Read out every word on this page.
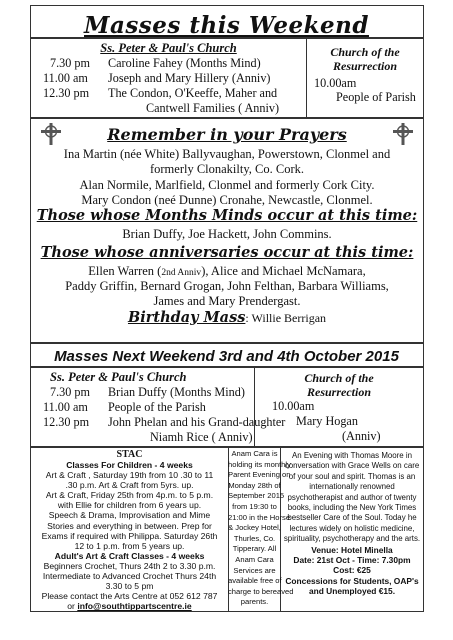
Masses this Weekend
Ss. Peter & Paul's Church
7.30 pm Caroline Fahey (Months Mind)
11.00 am Joseph and Mary Hillery (Anniv)
12.30 pm The Condon, O'Keeffe, Maher and
Cantwell Families ( Anniv)
Church of the
Resurrection
10.00am
People of Parish
Remember in your Prayers
Ina Martin (née White) Ballyvaughan, Powerstown, Clonmel and
formerly Clonakilty, Co. Cork.
Alan Normile, Marlfield, Clonmel and formerly Cork City.
Mary Condon (neé Dunne) Cronahe, Newcastle, Clonmel.
Those whose Months Minds occur at this time:
Brian Duffy, Joe Hackett, John Commins.
Those whose anniversaries occur at this time:
Ellen Warren (2nd Anniv), Alice and Michael McNamara,
Paddy Griffin, Bernard Grogan, John Felthan, Barbara Williams,
James and Mary Prendergast.
Birthday Mass: Willie Berrigan
Masses Next Weekend 3rd and 4th October 2015
Ss. Peter & Paul's Church
7.30 pm Brian Duffy (Months Mind)
11.00 am People of the Parish
12.30 pm John Phelan and his Grand-daughter
Niamh Rice ( Anniv)
Church of the
Resurrection
10.00am
Mary Hogan
(Anniv)
STAC
Classes For Children - 4 weeks
Art & Craft , Saturday 19th from 10 .30 to 11
.30 p.m. Art & Craft from 5yrs. up.
Art & Craft, Friday 25th from 4p.m. to 5 p.m.
with Ellie for children from 6 years up.
Speech & Drama, Improvisation and Mime
Stories and everything in between. Prep for
Exams if required with Philippa. Saturday 26th
12 to 1 p.m. from 5 years up.
Adult's Art & Craft Classes - 4 weeks
Beginners Crochet, Thurs 24th 2 to 3.30 p.m.
Intermediate to Advanced Crochet Thurs 24th
3.30 to 5 pm
Please contact the Arts Centre at 052 612 787
or info@southtippartscentre.ie
Anam Cara is
holding its monthly
Parent Evening on
Monday 28th of
September 2015
from 19:30 to
21:00 in the Horse
& Jockey Hotel,
Thurles, Co.
Tipperary. All
Anam Cara
Services are
available free of
charge to bereaved
parents.
An Evening with Thomas Moore in
conversation with Grace Wells on care
of your soul and spirit. Thomas is an
internationally renowned
psychotherapist and author of twenty
books, including the New York Times
bestseller Care of the Soul. Today he
lectures widely on holistic medicine,
spirituality, psychotherapy and the arts.
Venue: Hotel Minella
Date: 21st Oct - Time: 7.30pm
Cost: €25
Concessions for Students, OAP's
and Unemployed €15.
